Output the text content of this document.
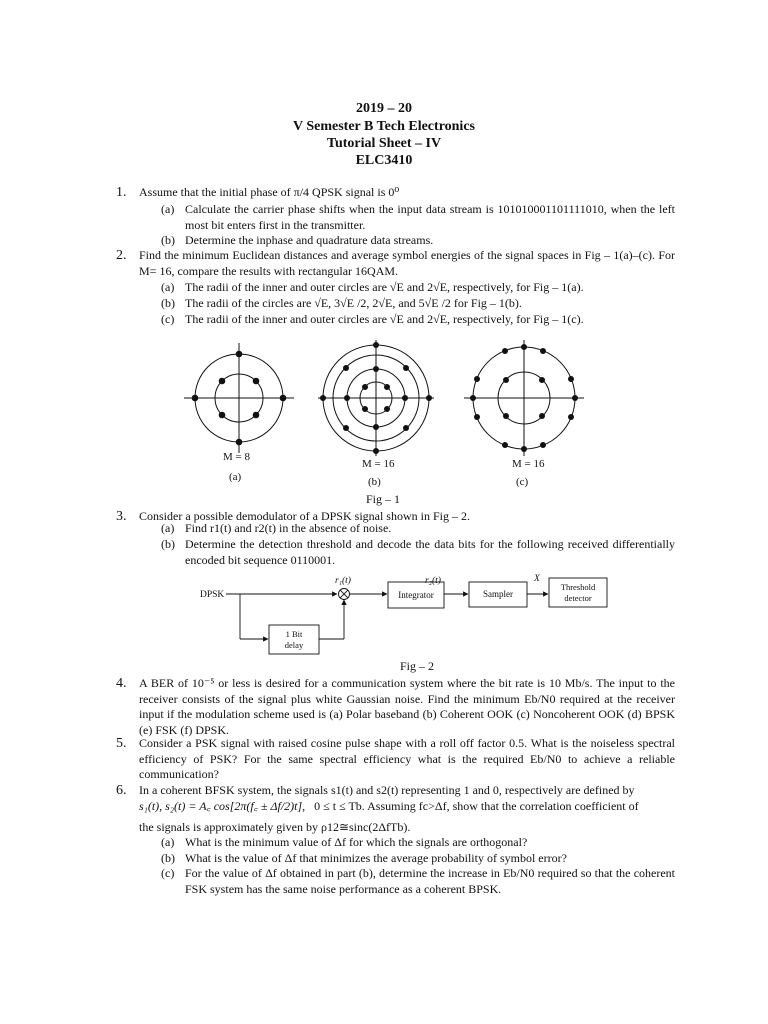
2019 – 20
V Semester B Tech Electronics
Tutorial Sheet – IV
ELC3410
1.	Assume that the initial phase of π/4 QPSK signal is 0⁰
(a) Calculate the carrier phase shifts when the input data stream is 101010001101111010, when the left most bit enters first in the transmitter.
(b) Determine the inphase and quadrature data streams.
2.	Find the minimum Euclidean distances and average symbol energies of the signal spaces in Fig – 1(a)–(c). For M= 16, compare the results with rectangular 16QAM.
(a) The radii of the inner and outer circles are √E and 2√E, respectively, for Fig – 1(a).
(b) The radii of the circles are √E, 3√E /2, 2√E, and 5√E /2 for Fig – 1(b).
(c) The radii of the inner and outer circles are √E and 2√E, respectively, for Fig – 1(c).
M = 8
(a)
M = 16
(b)
M = 16
(c)
Fig – 1
3.	Consider a possible demodulator of a DPSK signal shown in Fig – 2.
(a) Find r1(t) and r2(t) in the absence of noise.
(b) Determine the detection threshold and decode the data bits for the following received differentially encoded bit sequence 0110001.
DPSK
r₁(t)	r₂(t)	X
Integrator	Sampler
Threshold
detector
1 Bit
delay
Fig – 2
4.	A BER of 10⁻⁵ or less is desired for a communication system where the bit rate is 10 Mb/s. The input to the receiver consists of the signal plus white Gaussian noise. Find the minimum Eb/N0 required at the receiver input if the modulation scheme used is (a) Polar baseband (b) Coherent OOK (c) Noncoherent OOK (d) BPSK (e) FSK (f) DPSK.
5.	Consider a PSK signal with raised cosine pulse shape with a roll off factor 0.5. What is the noiseless spectral efficiency of PSK? For the same spectral efficiency what is the required Eb/N0 to achieve a reliable communication?
6.	In a coherent BFSK system, the signals s1(t) and s2(t) representing 1 and 0, respectively are defined by
s₁(t), s₂(t) = A꜀ cos[2π(f꜀ ± Δf/2)t], 0 ≤ t ≤ Tb. Assuming fc>Δf, show that the correlation coefficient of
the signals is approximately given by ρ12≅sinc(2ΔfTb).
(a) What is the minimum value of Δf for which the signals are orthogonal?
(b) What is the value of Δf that minimizes the average probability of symbol error?
(c) For the value of Δf obtained in part (b), determine the increase in Eb/N0 required so that the coherent FSK system has the same noise performance as a coherent BPSK.
